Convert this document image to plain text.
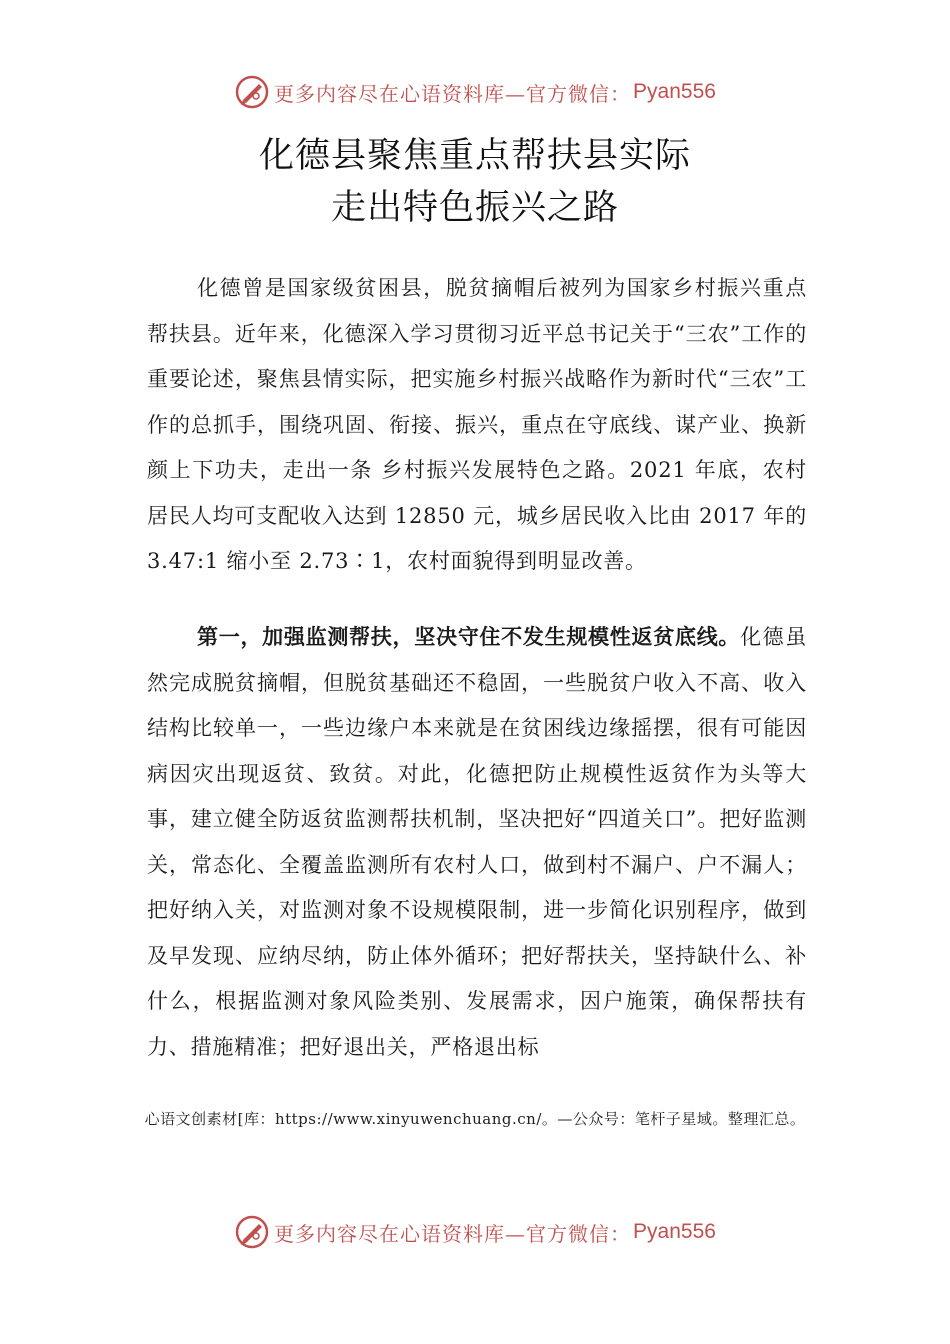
更多内容尽在心语资料库—官方微信： Pyan556
化德县聚焦重点帮扶县实际
走出特色振兴之路

化德曾是国家级贫困县，脱贫摘帽后被列为国家乡村振兴重点帮扶县。近年来，化德深入学习贯彻习近平总书记关于“三农”工作的重要论述，聚焦县情实际，把实施乡村振兴战略作为新时代“三农”工作的总抓手，围绕巩固、衔接、振兴，重点在守底线、谋产业、换新颜上下功夫，走出一条 乡村振兴发展特色之路。2021 年底，农村居民人均可支配收入达到 12850 元，城乡居民收入比由 2017 年的 3.47:1 缩小至 2.73∶1，农村面貌得到明显改善。

第一，加强监测帮扶，坚决守住不发生规模性返贫底线。化德虽然完成脱贫摘帽，但脱贫基础还不稳固，一些脱贫户收入不高、收入结构比较单一，一些边缘户本来就是在贫困线边缘摇摆，很有可能因病因灾出现返贫、致贫。对此，化德把防止规模性返贫作为头等大事，建立健全防返贫监测帮扶机制，坚决把好“四道关口”。把好监测关，常态化、全覆盖监测所有农村人口，做到村不漏户、户不漏人；把好纳入关，对监测对象不设规模限制，进一步简化识别程序，做到及早发现、应纳尽纳，防止体外循环；把好帮扶关，坚持缺什么、补什么，根据监测对象风险类别、发展需求，因户施策，确保帮扶有力、措施精准；把好退出关，严格退出标

心语文创素材[库：https://www.xinyuwenchuang.cn/。—公众号：笔杆子星域。整理汇总。
更多内容尽在心语资料库—官方微信： Pyan556
